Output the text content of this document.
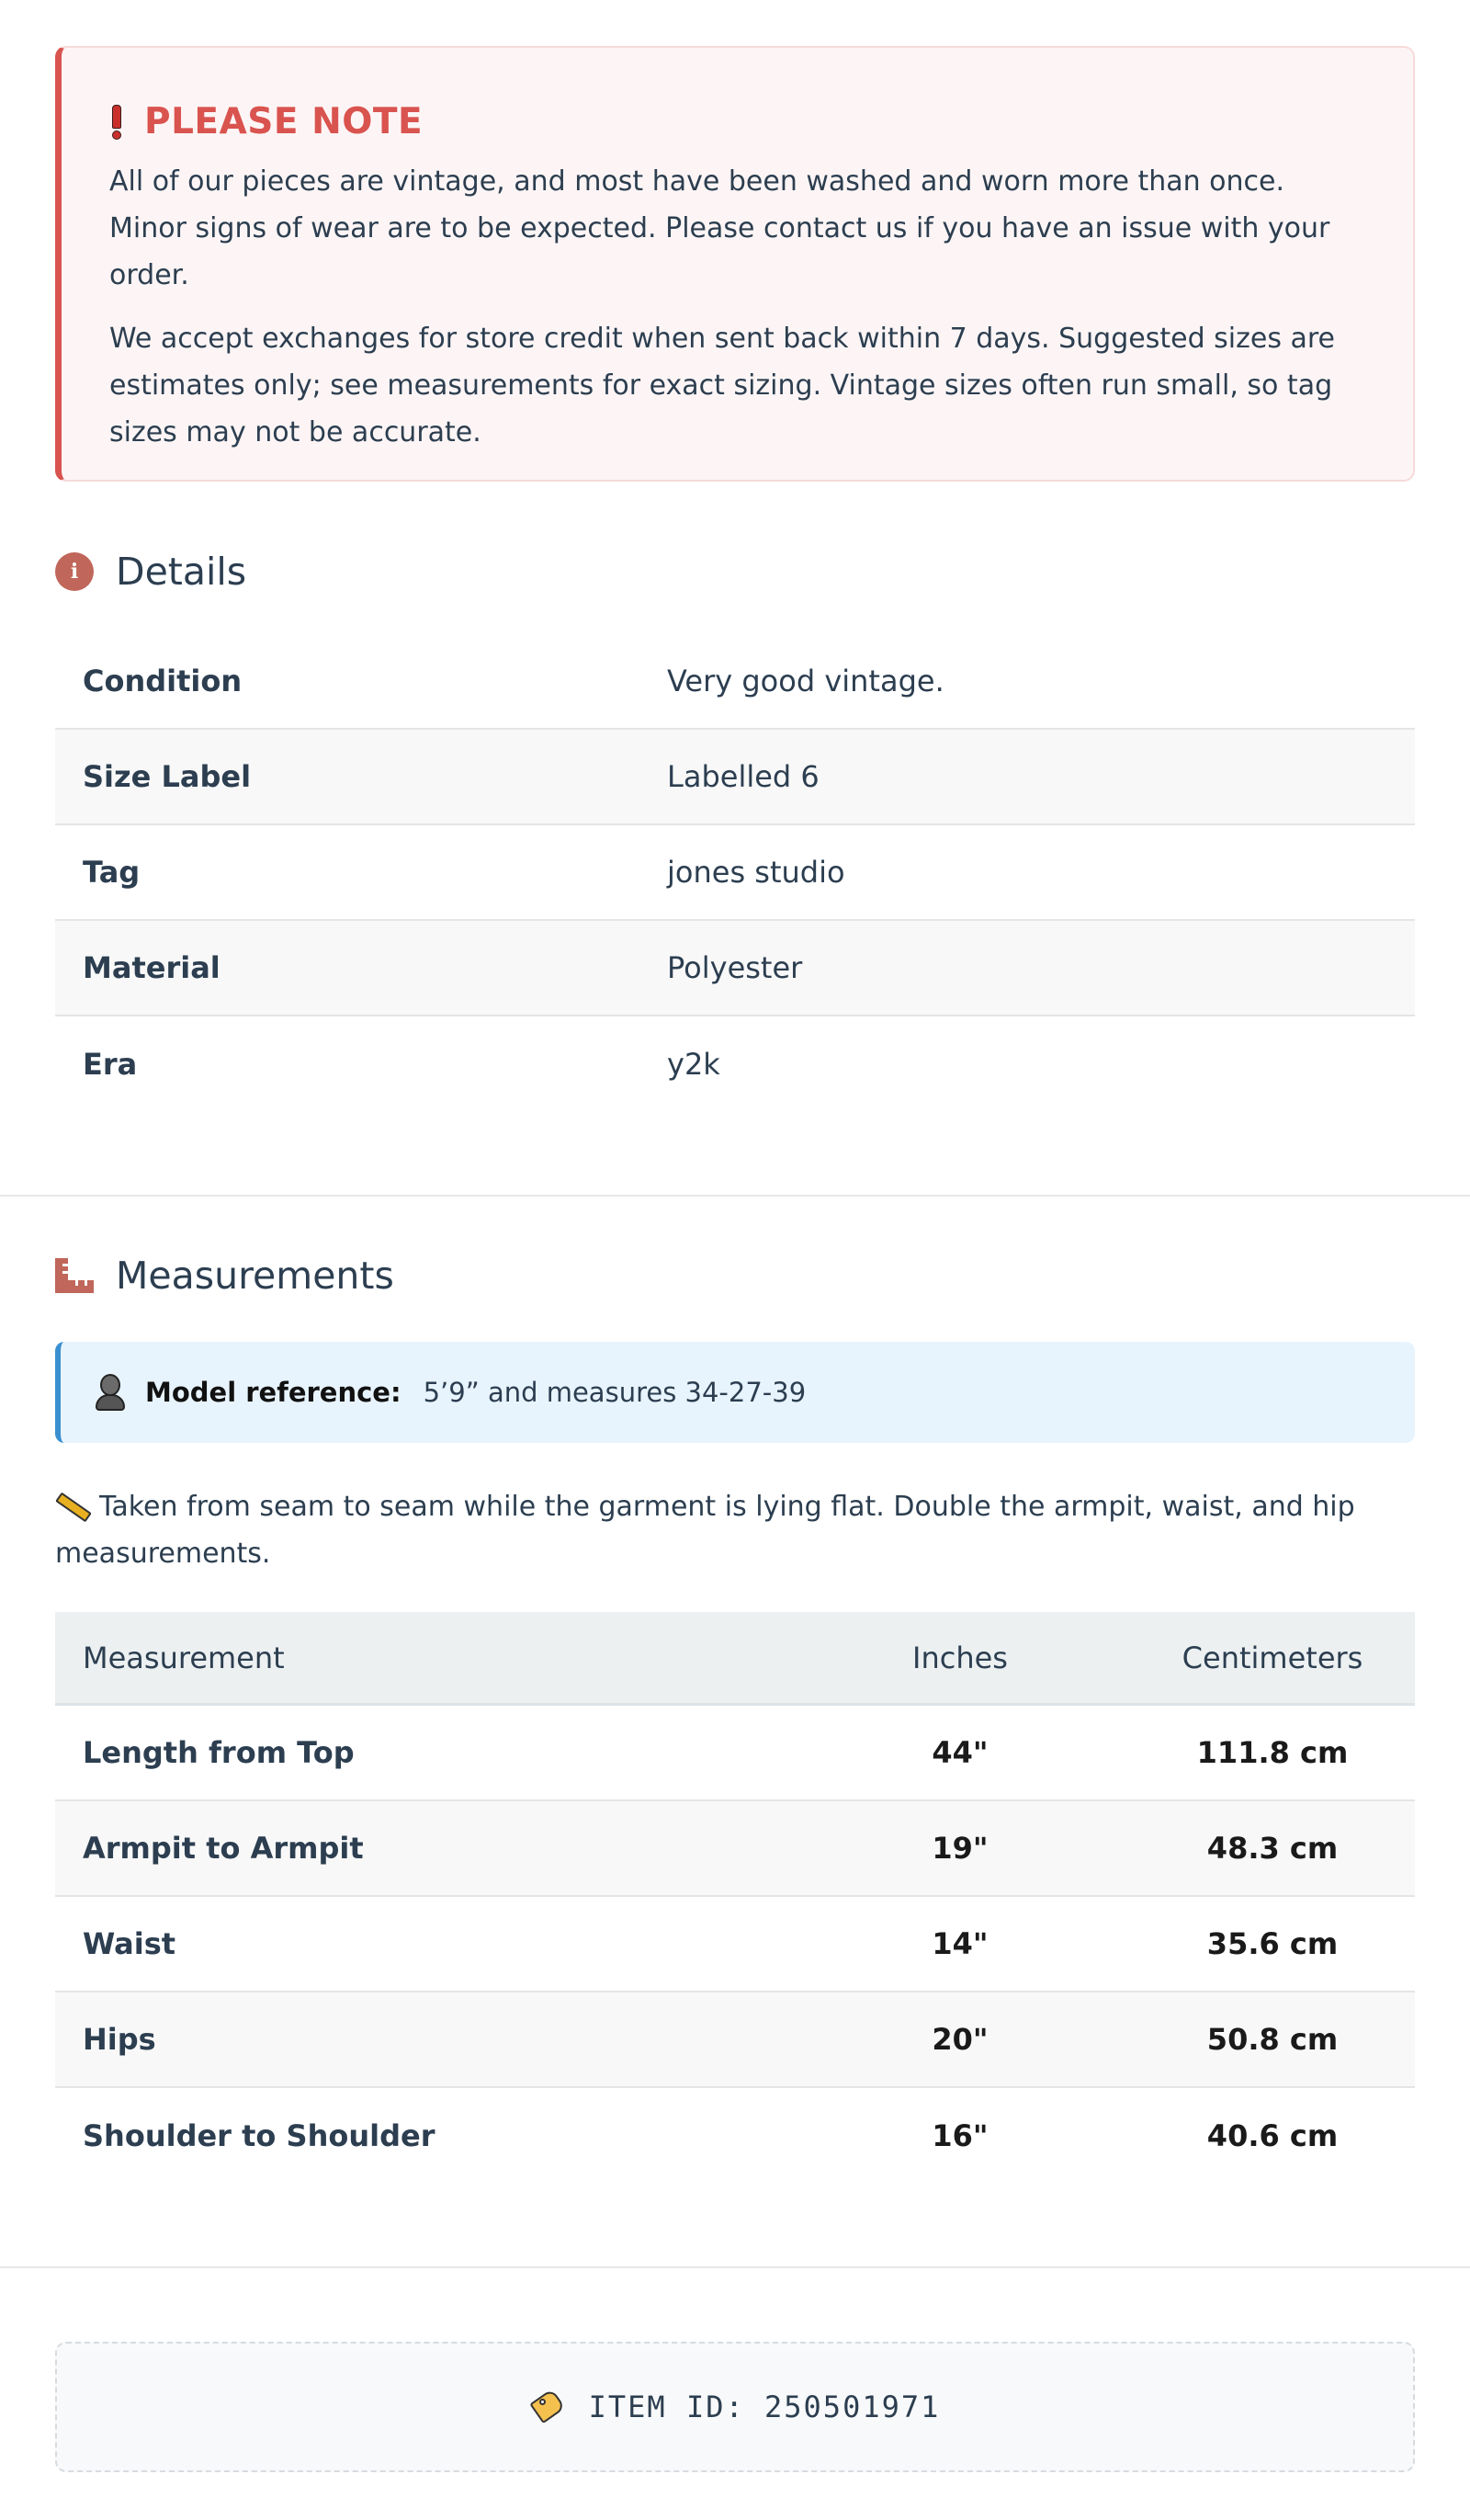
PLEASE NOTE

All of our pieces are vintage, and most have been washed and worn more than once. Minor signs of wear are to be expected. Please contact us if you have an issue with your order.

We accept exchanges for store credit when sent back within 7 days. Suggested sizes are estimates only; see measurements for exact sizing. Vintage sizes often run small, so tag sizes may not be accurate.

i Details
Condition	Very good vintage.
Size Label	Labelled 6
Tag	jones studio
Material	Polyester
Era	y2k
Measurements
Model reference: 5’9” and measures 34-27-39
Taken from seam to seam while the garment is lying flat. Double the armpit, waist, and hip measurements.
Measurement	Inches	Centimeters
Length from Top	44"	111.8 cm
Armpit to Armpit	19"	48.3 cm
Waist	14"	35.6 cm
Hips	20"	50.8 cm
Shoulder to Shoulder	16"	40.6 cm
ITEM ID: 250501971
